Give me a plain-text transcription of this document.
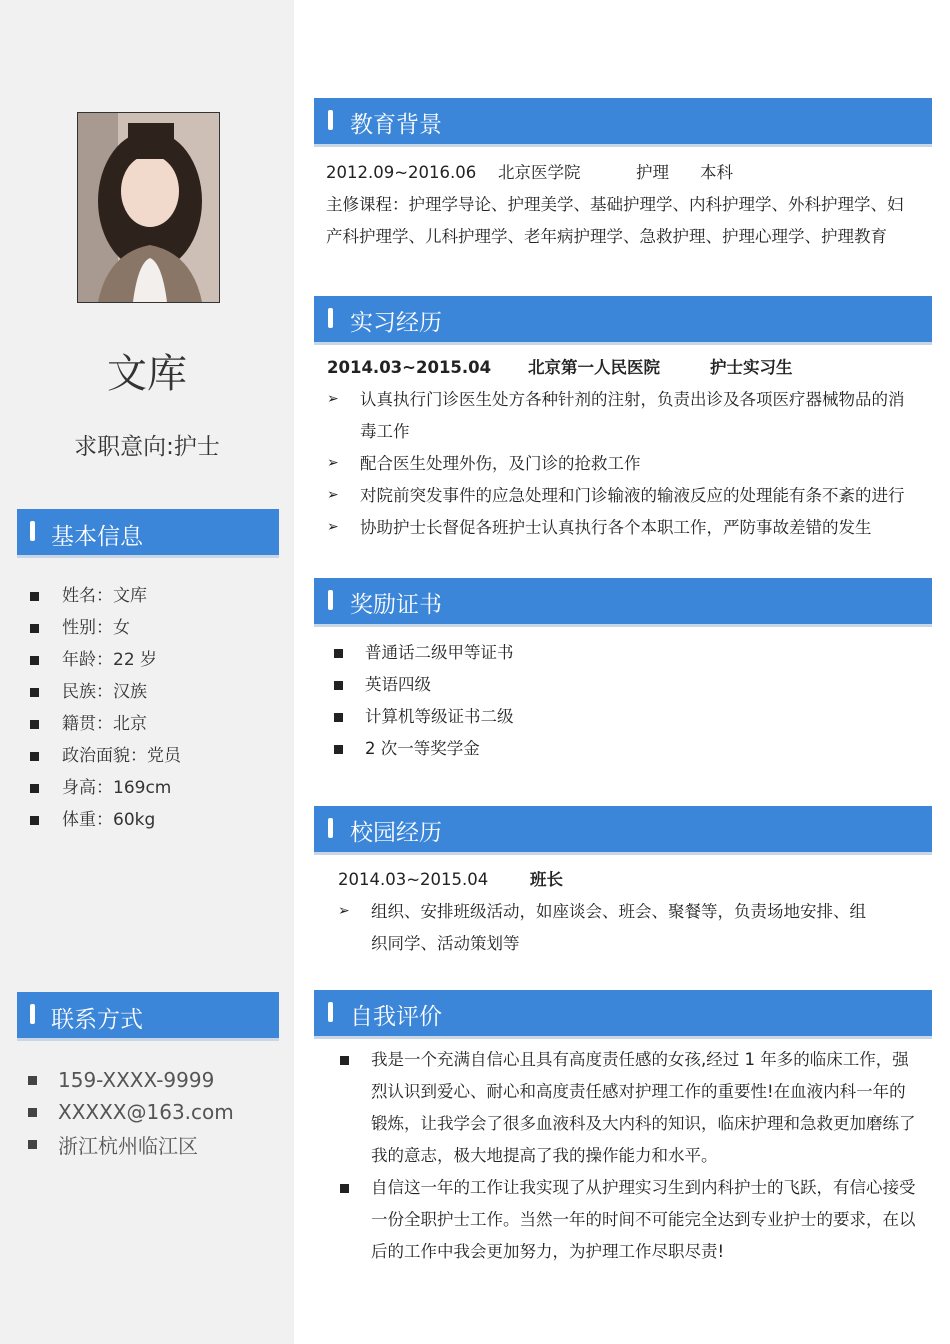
文库
求职意向:护士
基本信息
姓名：文库
性别：女
年龄：22 岁
民族：汉族
籍贯：北京
政治面貌：党员
身高：169cm
体重：60kg
联系方式
159-XXXX-9999
XXXXX@163.com
浙江杭州临江区
教育背景
2012.09~2016.06 北京医学院	护理 本科
主修课程：护理学导论、护理美学、基础护理学、内科护理学、外科护理学、妇
产科护理学、儿科护理学、老年病护理学、急救护理、护理心理学、护理教育
实习经历
2014.03~2015.04 北京第一人民医院	护士实习生
➢ 认真执行门诊医生处方各种针剂的注射，负责出诊及各项医疗器械物品的消
毒工作
➢ 配合医生处理外伤，及门诊的抢救工作
➢ 对院前突发事件的应急处理和门诊输液的输液反应的处理能有条不紊的进行
➢ 协助护士长督促各班护士认真执行各个本职工作，严防事故差错的发生
奖励证书
普通话二级甲等证书
英语四级
计算机等级证书二级
2 次一等奖学金
校园经历
2014.03~2015.04	班长
➢ 组织、安排班级活动，如座谈会、班会、聚餐等，负责场地安排、组
织同学、活动策划等
自我评价
我是一个充满自信心且具有高度责任感的女孩,经过 1 年多的临床工作，强
烈认识到爱心、耐心和高度责任感对护理工作的重要性!在血液内科一年的
锻炼，让我学会了很多血液科及大内科的知识，临床护理和急救更加磨练了
我的意志，极大地提高了我的操作能力和水平。
自信这一年的工作让我实现了从护理实习生到内科护士的飞跃，有信心接受
一份全职护士工作。当然一年的时间不可能完全达到专业护士的要求，在以
后的工作中我会更加努力，为护理工作尽职尽责!
